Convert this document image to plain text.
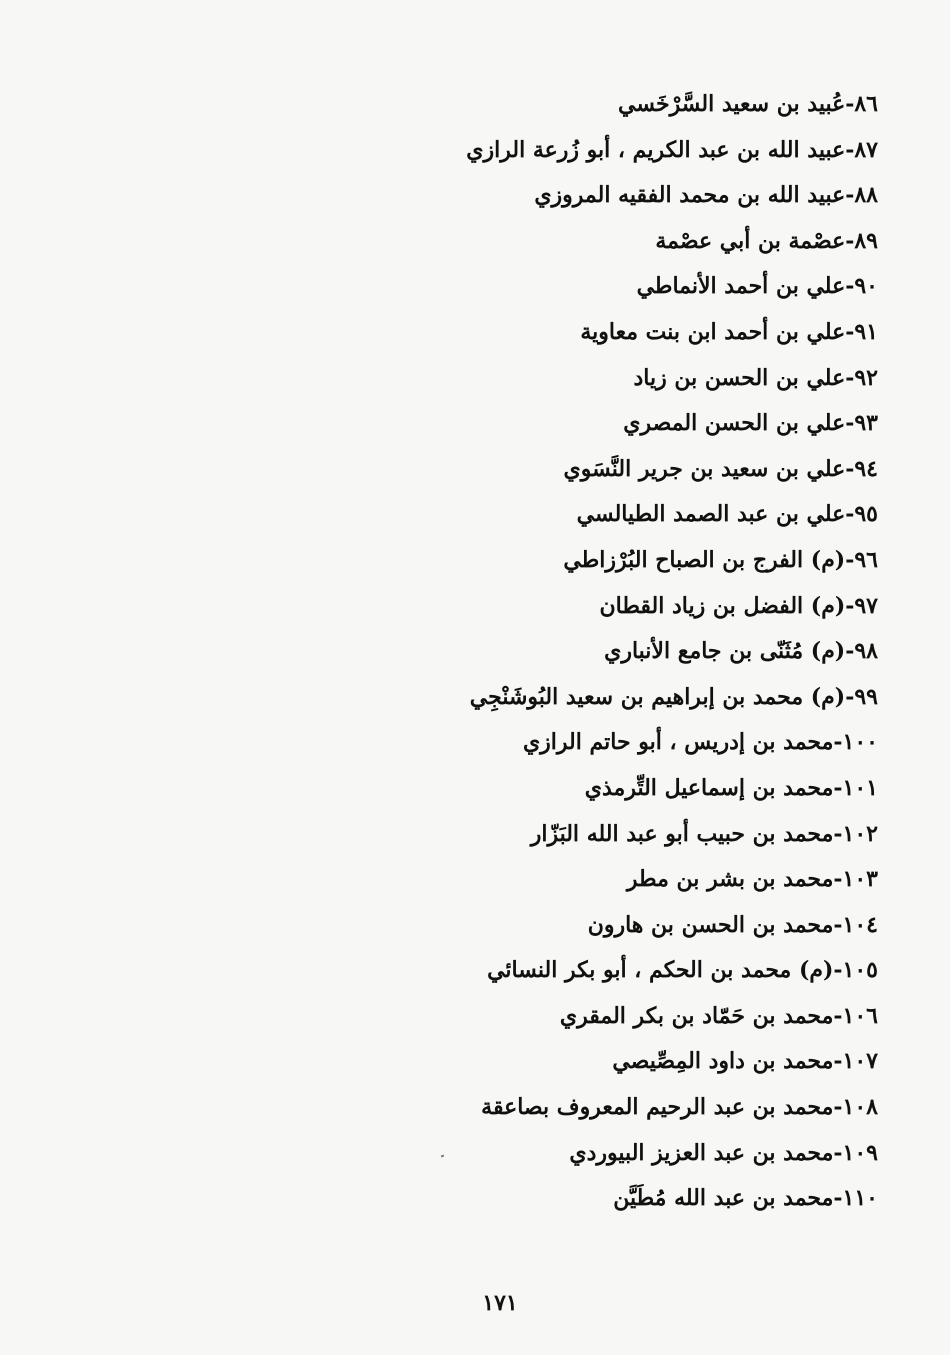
٨٦-عُبيد بن سعيد السَّرْخَسي
٨٧-عبيد الله بن عبد الكريم ، أبو زُرعة الرازي
٨٨-عبيد الله بن محمد الفقيه المروزي
٨٩-عصْمة بن أبي عصْمة
٩٠-علي بن أحمد الأنماطي
٩١-علي بن أحمد ابن بنت معاوية
٩٢-علي بن الحسن بن زياد
٩٣-علي بن الحسن المصري
٩٤-علي بن سعيد بن جرير النَّسَوي
٩٥-علي بن عبد الصمد الطيالسي
٩٦-(م) الفرج بن الصباح البُرْزاطي
٩٧-(م) الفضل بن زياد القطان
٩٨-(م) مُثَنّى بن جامع الأنباري
٩٩-(م) محمد بن إبراهيم بن سعيد البُوشَنْجِي
١٠٠-محمد بن إدريس ، أبو حاتم الرازي
١٠١-محمد بن إسماعيل التِّرمذي
١٠٢-محمد بن حبيب أبو عبد الله البَزّار
١٠٣-محمد بن بشر بن مطر
١٠٤-محمد بن الحسن بن هارون
١٠٥-(م) محمد بن الحكم ، أبو بكر النسائي
١٠٦-محمد بن حَمّاد بن بكر المقري
١٠٧-محمد بن داود المِصِّيصي
١٠٨-محمد بن عبد الرحيم المعروف بصاعقة
١٠٩-محمد بن عبد العزيز البيوردي
١١٠-محمد بن عبد الله مُطَيَّن
١٧١
